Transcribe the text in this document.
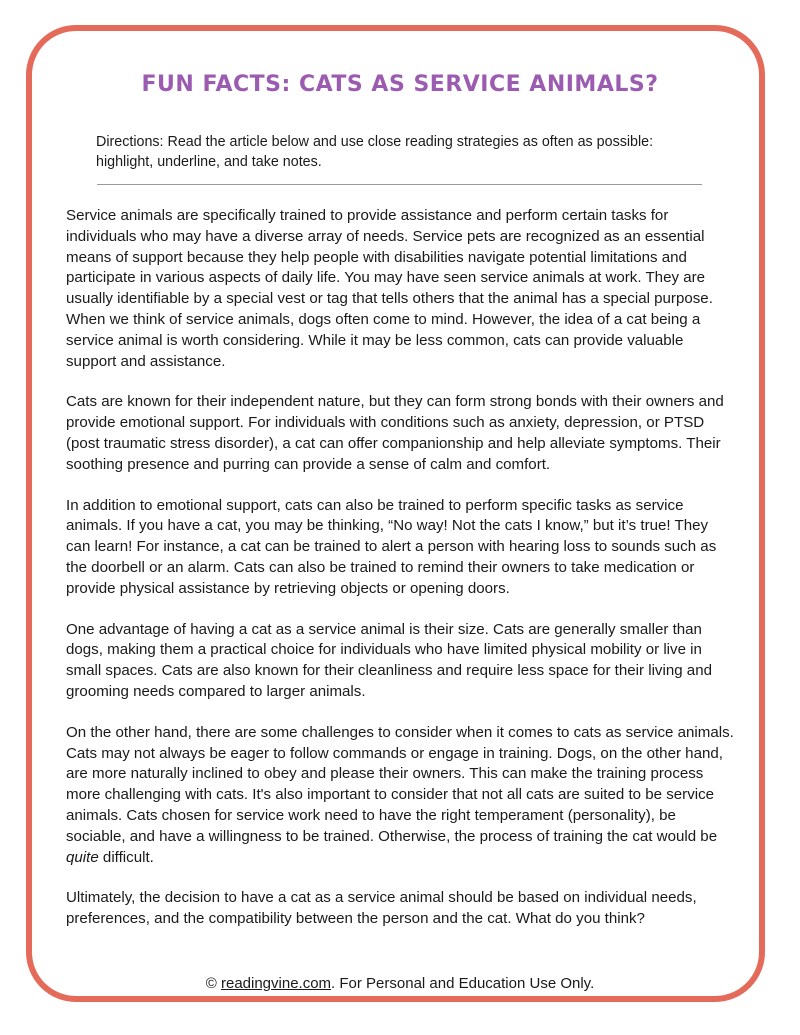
FUN FACTS: CATS AS SERVICE ANIMALS?

Directions: Read the article below and use close reading strategies as often as possible: highlight, underline, and take notes.

Service animals are specifically trained to provide assistance and perform certain tasks for individuals who may have a diverse array of needs. Service pets are recognized as an essential means of support because they help people with disabilities navigate potential limitations and participate in various aspects of daily life. You may have seen service animals at work. They are usually identifiable by a special vest or tag that tells others that the animal has a special purpose. When we think of service animals, dogs often come to mind. However, the idea of a cat being a service animal is worth considering. While it may be less common, cats can provide valuable support and assistance.

Cats are known for their independent nature, but they can form strong bonds with their owners and provide emotional support. For individuals with conditions such as anxiety, depression, or PTSD (post traumatic stress disorder), a cat can offer companionship and help alleviate symptoms. Their soothing presence and purring can provide a sense of calm and comfort.

In addition to emotional support, cats can also be trained to perform specific tasks as service animals. If you have a cat, you may be thinking, “No way! Not the cats I know,” but it’s true! They can learn! For instance, a cat can be trained to alert a person with hearing loss to sounds such as the doorbell or an alarm. Cats can also be trained to remind their owners to take medication or provide physical assistance by retrieving objects or opening doors.

One advantage of having a cat as a service animal is their size. Cats are generally smaller than dogs, making them a practical choice for individuals who have limited physical mobility or live in small spaces. Cats are also known for their cleanliness and require less space for their living and grooming needs compared to larger animals.

On the other hand, there are some challenges to consider when it comes to cats as service animals. Cats may not always be eager to follow commands or engage in training. Dogs, on the other hand, are more naturally inclined to obey and please their owners. This can make the training process more challenging with cats. It's also important to consider that not all cats are suited to be service animals. Cats chosen for service work need to have the right temperament (personality), be sociable, and have a willingness to be trained. Otherwise, the process of training the cat would be quite difficult.

Ultimately, the decision to have a cat as a service animal should be based on individual needs, preferences, and the compatibility between the person and the cat. What do you think?

© readingvine.com. For Personal and Education Use Only.
